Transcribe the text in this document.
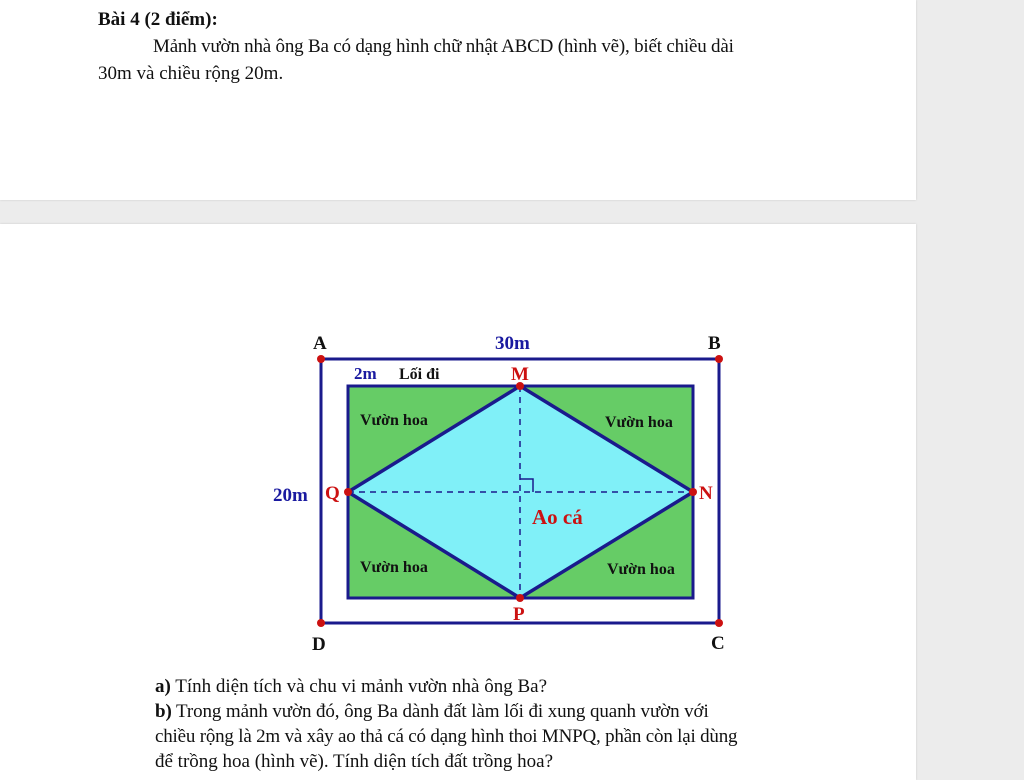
Bài 4 (2 điểm):
Mảnh vườn nhà ông Ba có dạng hình chữ nhật ABCD (hình vẽ), biết chiều dài
30m và chiều rộng 20m.
A	B
C
D
M
N
P
Q
30m
20m
2m Lối đi
Vườn hoa	Vườn hoa
Vườn hoa	Vườn hoa
Ao cá
a) Tính diện tích và chu vi mảnh vườn nhà ông Ba?
b) Trong mảnh vườn đó, ông Ba dành đất làm lối đi xung quanh vườn với
chiều rộng là 2m và xây ao thả cá có dạng hình thoi MNPQ, phần còn lại dùng
để trồng hoa (hình vẽ). Tính diện tích đất trồng hoa?
